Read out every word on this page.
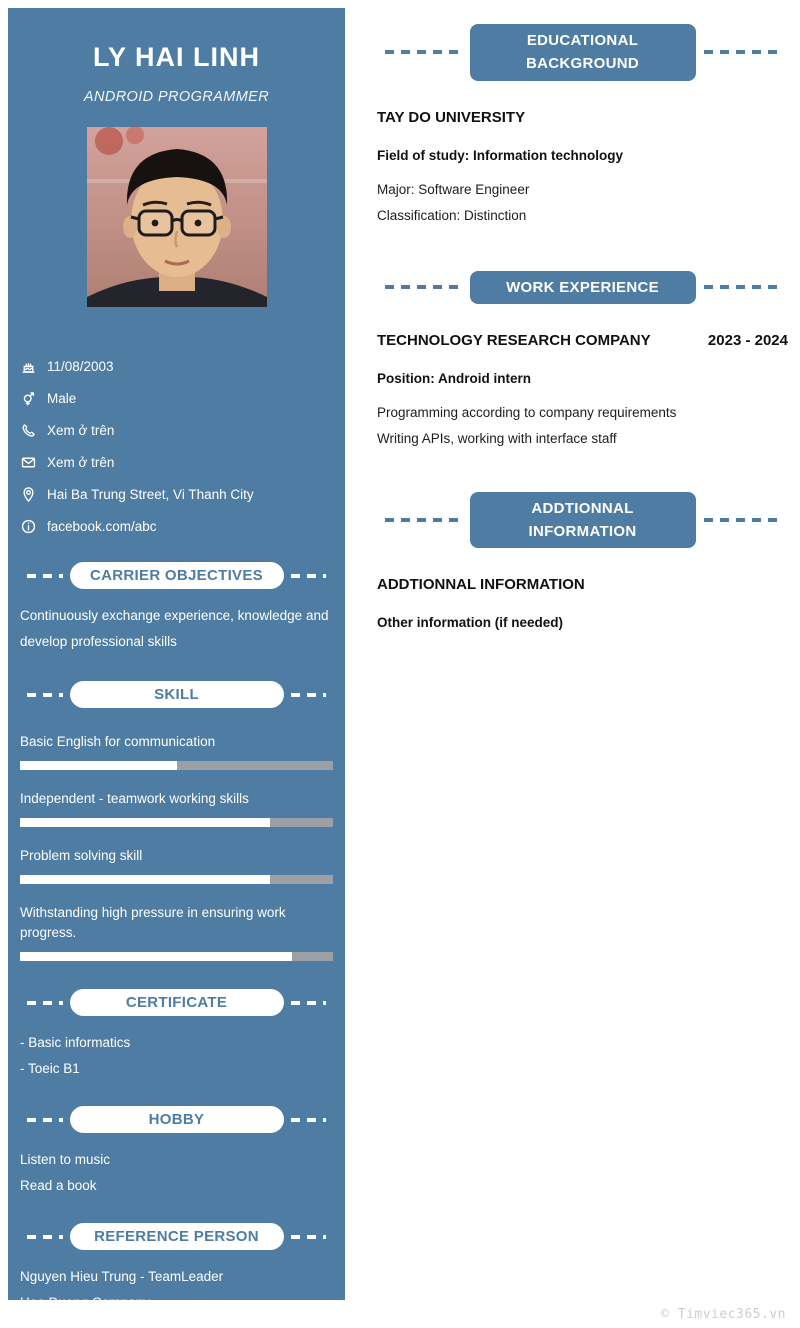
LY HAI LINH
ANDROID PROGRAMMER
11/08/2003
Male
Xem ở trên
Xem ở trên
Hai Ba Trung Street, Vi Thanh City
facebook.com/abc
CARRIER OBJECTIVES
Continuously exchange experience, knowledge and develop professional skills
SKILL
Basic English for communication
Independent - teamwork working skills
Problem solving skill
Withstanding high pressure in ensuring work progress.
CERTIFICATE

- Basic informatics

- Toeic B1

HOBBY

Listen to music

Read a book

REFERENCE PERSON

Nguyen Hieu Trung - TeamLeader

Hoa Duong Company

EDUCATIONAL
BACKGROUND
TAY DO UNIVERSITY
Field of study: Information technology

Major: Software Engineer

Classification: Distinction

WORK EXPERIENCE
TECHNOLOGY RESEARCH COMPANY	2023 - 2024
Position: Android intern

Programming according to company requirements

Writing APIs, working with interface staff

ADDTIONNAL
INFORMATION
ADDTIONNAL INFORMATION
Other information (if needed)
© Timviec365.vn
